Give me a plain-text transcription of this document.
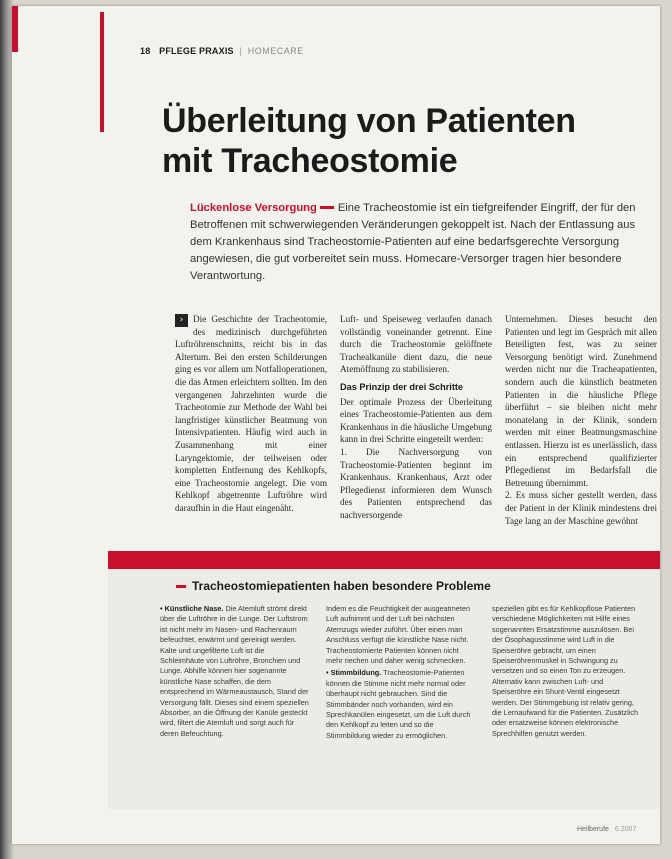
18 PFLEGE PRAXIS | HOMECARE
Überleitung von Patienten mit Tracheostomie
Lückenlose Versorgung Eine Tracheostomie ist ein tiefgreifender Eingriff, der für den Betroffenen mit schwerwiegenden Veränderungen gekoppelt ist. Nach der Entlassung aus dem Krankenhaus sind Tracheostomie-Patienten auf eine bedarfsgerechte Versorgung angewiesen, die gut vorbereitet sein muss. Homecare-Versorger tragen hier besondere Verantwortung.
›	Die Geschichte der Tracheotomie, des medizinisch durchgeführten Luftröhrenschnitts, reicht bis in das Altertum. Bei den ersten Schilderungen ging es vor allem um Notfalloperationen, die das Atmen erleichtern sollten. Im den vergangenen Jahrzehnten wurde die Tracheotomie zur Methode der Wahl bei langfristiger künstlicher Beatmung von Intensivpatienten. Häufig wird auch in Zusammenhang mit einer Laryngektomie, der teilweisen oder kompletten Entfernung des Kehlkopfs, eine Tracheostomie angelegt. Die vom Kehlkopf abgetrennte Luftröhre wird daraufhin in die Haut eingenäht.

Luft- und Speiseweg verlaufen danach vollständig voneinander getrennt. Eine durch die Tracheostomie gelöffnete Trachealkanüle dient dazu, die neue Atemöffnung zu stabilisieren.

Das Prinzip der drei Schritte

Der optimale Prozess der Überleitung eines Tracheostomie-Patienten aus dem Krankenhaus in die häusliche Umgebung kann in drei Schritte eingeteilt werden:

1. Die Nachversorgung von Tracheostomie-Patienten beginnt im Krankenhaus. Krankenhaus, Arzt oder Pflegedienst informieren dem Wunsch des Patienten entsprechend das nachversorgende

Unternehmen. Dieses besucht den Patienten und legt im Gespräch mit allen Beteiligten fest, was zu seiner Versorgung benötigt wird. Zunehmend werden nicht nur die Tracheapatienten, sondern auch die künstlich beatmeten Patienten in die häusliche Pflege überführt – sie bleiben nicht mehr monatelang in der Klinik, sondern werden mit einer Beatmungsmaschine entlassen. Hierzu ist es unerlässlich, dass ein entsprechend qualifizierter Pflegedienst im Bedarfsfall die Betreuung übernimmt.

2. Es muss sicher gestellt werden, dass der Patient in der Klinik mindestens drei Tage lang an der Maschine gewöhnt

Tracheostomiepatienten haben besondere Probleme

• Künstliche Nase. Die Atemluft strömt direkt über die Luftröhre in die Lunge. Der Luftstrom ist nicht mehr im Nasen- und Rachenraum befeuchtet, erwärmt und gereinigt werden. Kalte und ungefilterte Luft ist die Schleimhäute von Luftröhre, Bronchien und Lunge. Abhilfe können hier sogenannte künstliche Nase schaffen, die dem entsprechend im Wärmeaustausch, Stand der Versorgung fällt. Dieses sind einem speziellen Absorber, an die Öffnung der Kanüle gesteckt wird, filtert die Atemluft und sorgt auch für deren Befeuchtung.

Indem es die Feuchtigkeit der ausgeatmeten Luft aufnimmt und der Luft bei nächsten Atemzugs wieder zuführt. Über einen man Anschluss verfügt die künstliche Nase nicht. Tracheostomierte Patienten können nicht mehr riechen und daher wenig schmecken.

• Stimmbildung. Tracheostomie-Patienten können die Stimme nicht mehr normal oder überhaupt nicht gebrauchen. Sind die Stimmbänder noch vorhanden, wird ein Sprechkanülen eingesetzt, um die Luft durch den Kehlkopf zu leiten und so die Stimmbildung wieder zu ermöglichen.

speziellen gibt es für Kehlkopflose Patienten verschiedene Möglichkeiten mit Hilfe eines sogenannten Ersatzstimme auszulösen. Bei der Ösophagusstimme wird Luft in die Speiseröhre gebracht, um einen Speiseröhrenmuskel in Schwingung zu versetzen und so einen Ton zu erzeugen. Alternativ kann zwischen Luft- und Speiseröhre ein Shunt-Ventil eingesetzt werden. Der Stimmgebung ist relativ gering, die Lernaufwand für die Patienten. Zusätzlich oder ersatzweise können elektronische Sprechhilfen genutzt werden.

Heilberufe 6.2007
